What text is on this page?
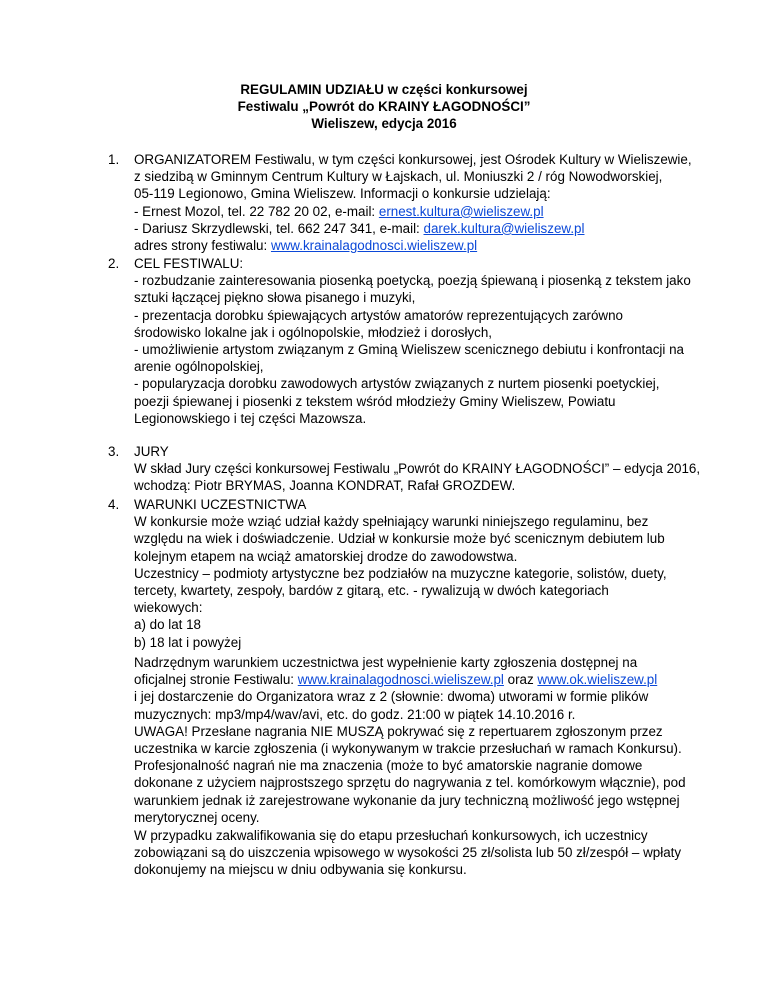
REGULAMIN UDZIAŁU w części konkursowej
Festiwalu „Powrót do KRAINY ŁAGODNOŚCI”
Wieliszew, edycja 2016
1. ORGANIZATOREM Festiwalu, w tym części konkursowej, jest Ośrodek Kultury w Wieliszewie,
z siedzibą w Gminnym Centrum Kultury w Łajskach, ul. Moniuszki 2 / róg Nowodworskiej,
05-119 Legionowo, Gmina Wieliszew. Informacji o konkursie udzielają:
- Ernest Mozol, tel. 22 782 20 02, e-mail: ernest.kultura@wieliszew.pl
- Dariusz Skrzydlewski, tel. 662 247 341, e-mail: darek.kultura@wieliszew.pl
adres strony festiwalu: www.krainalagodnosci.wieliszew.pl
2. CEL FESTIWALU:
- rozbudzanie zainteresowania piosenką poetycką, poezją śpiewaną i piosenką z tekstem jako
sztuki łączącej piękno słowa pisanego i muzyki,
- prezentacja dorobku śpiewających artystów amatorów reprezentujących zarówno
środowisko lokalne jak i ogólnopolskie, młodzież i dorosłych,
- umożliwienie artystom związanym z Gminą Wieliszew scenicznego debiutu i konfrontacji na
arenie ogólnopolskiej,
- popularyzacja dorobku zawodowych artystów związanych z nurtem piosenki poetyckiej,
poezji śpiewanej i piosenki z tekstem wśród młodzieży Gminy Wieliszew, Powiatu
Legionowskiego i tej części Mazowsza.
3. JURY
W skład Jury części konkursowej Festiwalu „Powrót do KRAINY ŁAGODNOŚCI” – edycja 2016,
wchodzą: Piotr BRYMAS, Joanna KONDRAT, Rafał GROZDEW.
4. WARUNKI UCZESTNICTWA
W konkursie może wziąć udział każdy spełniający warunki niniejszego regulaminu, bez
względu na wiek i doświadczenie. Udział w konkursie może być scenicznym debiutem lub
kolejnym etapem na wciąż amatorskiej drodze do zawodowstwa.
Uczestnicy – podmioty artystyczne bez podziałów na muzyczne kategorie, solistów, duety,
tercety, kwartety, zespoły, bardów z gitarą, etc. - rywalizują w dwóch kategoriach
wiekowych:
a) do lat 18
b) 18 lat i powyżej
Nadrzędnym warunkiem uczestnictwa jest wypełnienie karty zgłoszenia dostępnej na
oficjalnej stronie Festiwalu: www.krainalagodnosci.wieliszew.pl oraz www.ok.wieliszew.pl
i jej dostarczenie do Organizatora wraz z 2 (słownie: dwoma) utworami w formie plików
muzycznych: mp3/mp4/wav/avi, etc. do godz. 21:00 w piątek 14.10.2016 r.
UWAGA! Przesłane nagrania NIE MUSZĄ pokrywać się z repertuarem zgłoszonym przez
uczestnika w karcie zgłoszenia (i wykonywanym w trakcie przesłuchań w ramach Konkursu).
Profesjonalność nagrań nie ma znaczenia (może to być amatorskie nagranie domowe
dokonane z użyciem najprostszego sprzętu do nagrywania z tel. komórkowym włącznie), pod
warunkiem jednak iż zarejestrowane wykonanie da jury techniczną możliwość jego wstępnej
merytorycznej oceny.
W przypadku zakwalifikowania się do etapu przesłuchań konkursowych, ich uczestnicy
zobowiązani są do uiszczenia wpisowego w wysokości 25 zł/solista lub 50 zł/zespół – wpłaty
dokonujemy na miejscu w dniu odbywania się konkursu.
